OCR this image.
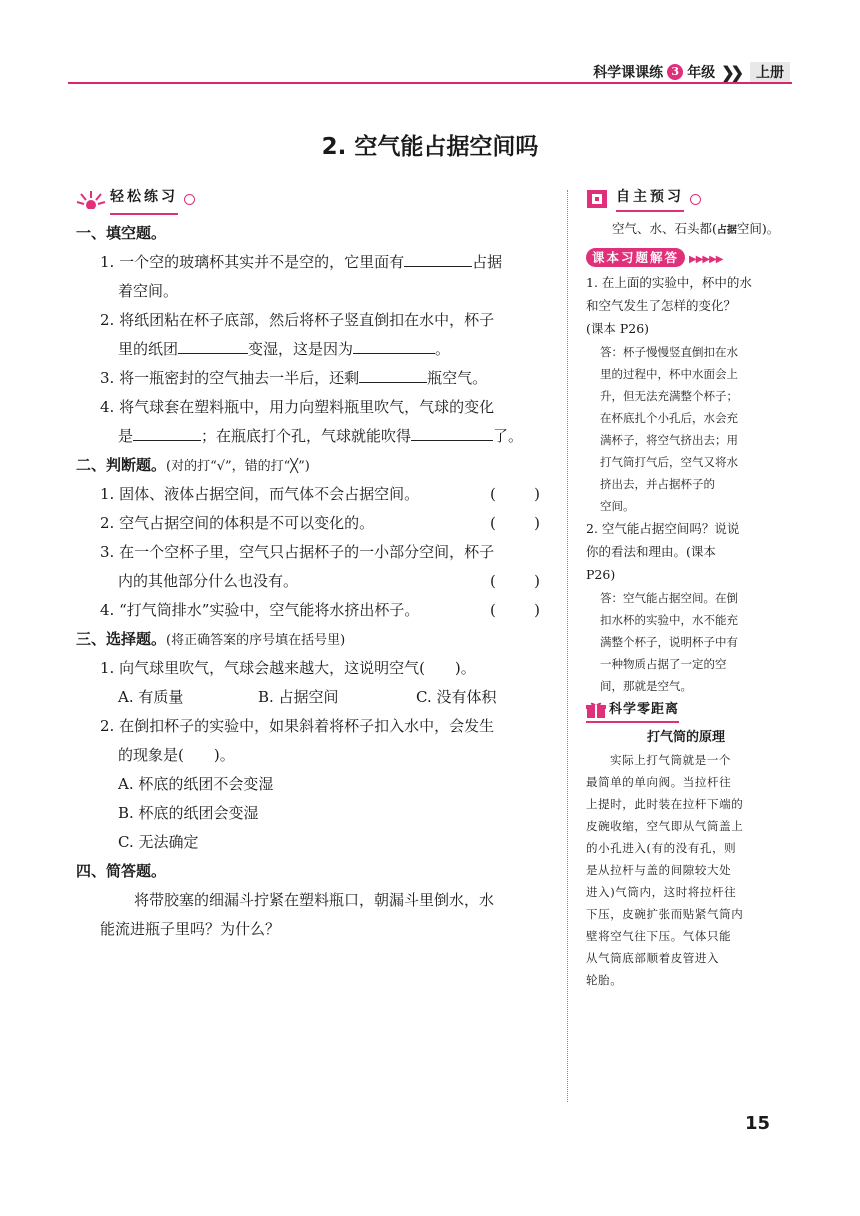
科学课课练 3 年级 ❯❯	上册
2. 空气能占据空间吗
轻松练习
一、填空题。
1. 一个空的玻璃杯其实并不是空的，它里面有	占据
着空间。
2. 将纸团粘在杯子底部，然后将杯子竖直倒扣在水中，杯子
里的纸团	变湿，这是因为	。
3. 将一瓶密封的空气抽去一半后，还剩	瓶空气。
4. 将气球套在塑料瓶中，用力向塑料瓶里吹气，气球的变化
是	；在瓶底打个孔，气球就能吹得	了。
二、判断题。(对的打“√”，错的打“╳”)
1. 固体、液体占据空间，而气体不会占据空间。	(	)
2. 空气占据空间的体积是不可以变化的。	(	)
3. 在一个空杯子里，空气只占据杯子的一小部分空间，杯子
内的其他部分什么也没有。	(	)
4. “打气筒排水”实验中，空气能将水挤出杯子。	(	)
三、选择题。(将正确答案的序号填在括号里)
1. 向气球里吹气，气球会越来越大，这说明空气(　　)。
A. 有质量	B. 占据空间	C. 没有体积
2. 在倒扣杯子的实验中，如果斜着将杯子扣入水中，会发生
的现象是(　　)。
A. 杯底的纸团不会变湿
B. 杯底的纸团会变湿
C. 无法确定
四、简答题。
将带胶塞的细漏斗拧紧在塑料瓶口，朝漏斗里倒水，水
能流进瓶子里吗？为什么？
自主预习
空气、水、石头都(占据空间)。
课本习题解答 ▶▶▶▶▶
1. 在上面的实验中，杯中的水
和空气发生了怎样的变化？
(课本 P26)
答：杯子慢慢竖直倒扣在水
里的过程中，杯中水面会上
升，但无法充满整个杯子；
在杯底扎个小孔后，水会充
满杯子，将空气挤出去；用
打气筒打气后，空气又将水
挤出去，并占据杯子的
空间。
2. 空气能占据空间吗？说说
你的看法和理由。(课本
P26)
答：空气能占据空间。在倒
扣水杯的实验中，水不能充
满整个杯子，说明杯子中有
一种物质占据了一定的空
间，那就是空气。
科学零距离
打气筒的原理
实际上打气筒就是一个
最简单的单向阀。当拉杆往
上提时，此时装在拉杆下端的
皮碗收缩，空气即从气筒盖上
的小孔进入(有的没有孔，则
是从拉杆与盖的间隙较大处
进入)气筒内，这时将拉杆往
下压，皮碗扩张而贴紧气筒内
壁将空气往下压。气体只能
从气筒底部顺着皮管进入
轮胎。
15
